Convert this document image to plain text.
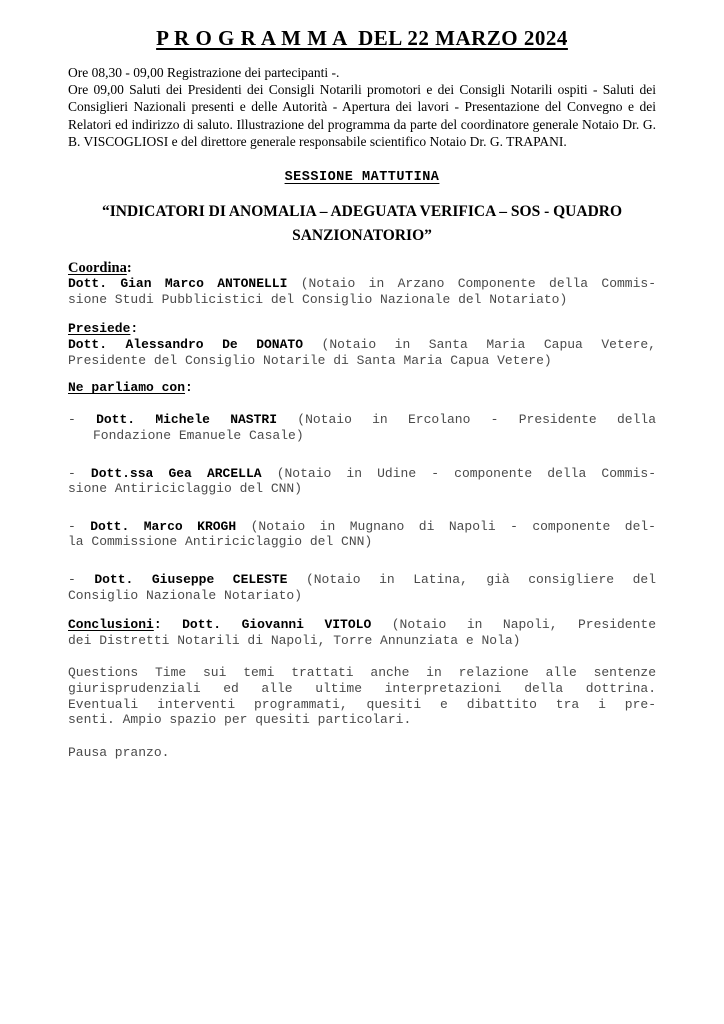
P R O G R A M M A  DEL 22 MARZO 2024

Ore 08,30 - 09,00 Registrazione dei partecipanti -.

Ore 09,00 Saluti dei Presidenti dei Consigli Notarili promotori e dei Consigli Notarili ospiti - Saluti dei Consiglieri Nazionali presenti e delle Autorità - Apertura dei lavori - Presentazione del Convegno e dei Relatori ed indirizzo di saluto. Illustrazione del programma da parte del coordinatore generale Notaio Dr. G. B. VISCOGLIOSI e del direttore generale responsabile scientifico Notaio Dr. G. TRAPANI.

SESSIONE MATTUTINA
“INDICATORI DI ANOMALIA – ADEGUATA VERIFICA – SOS - QUADRO
SANZIONATORIO”
Coordina:
Dott. Gian Marco ANTONELLI (Notaio in Arzano Componente della Commis-
sione Studi Pubblicistici del Consiglio Nazionale del Notariato)
Presiede:
Dott. Alessandro De DONATO (Notaio in Santa Maria Capua Vetere,
Presidente del Consiglio Notarile di Santa Maria Capua Vetere)
Ne parliamo con:
- Dott. Michele NASTRI (Notaio in Ercolano - Presidente della
Fondazione Emanuele Casale)
- Dott.ssa Gea ARCELLA (Notaio in Udine - componente della Commis-
sione Antiriciclaggio del CNN)
- Dott. Marco KROGH (Notaio in Mugnano di Napoli - componente del-
la Commissione Antiriciclaggio del CNN)
- Dott. Giuseppe CELESTE (Notaio in Latina, già consigliere del
Consiglio Nazionale Notariato)
Conclusioni: Dott. Giovanni VITOLO (Notaio in Napoli, Presidente
dei Distretti Notarili di Napoli, Torre Annunziata e Nola)
Questions Time sui temi trattati anche in relazione alle sentenze
giurisprudenziali ed alle ultime interpretazioni della dottrina.
Eventuali interventi programmati, quesiti e dibattito tra i pre-
senti. Ampio spazio per quesiti particolari.
Pausa pranzo.
